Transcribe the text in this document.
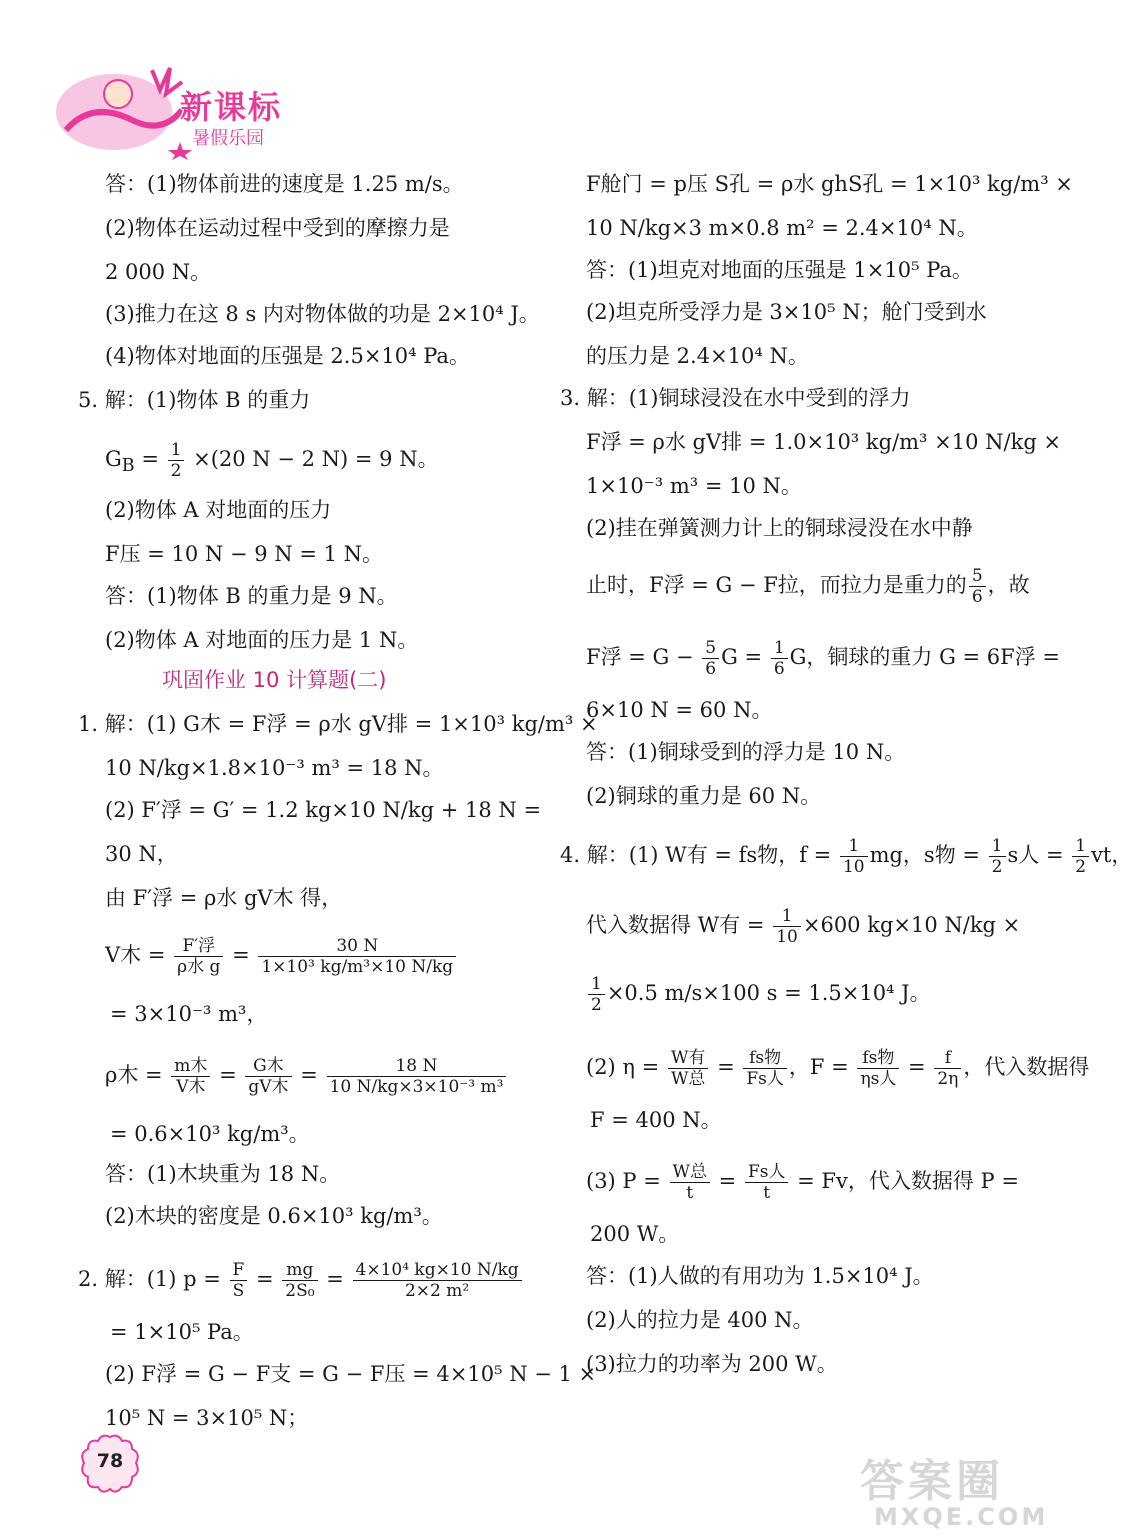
新课标
暑假乐园
答：(1)物体前进的速度是 1.25 m/s。
(2)物体在运动过程中受到的摩擦力是
2 000 N。
(3)推力在这 8 s 内对物体做的功是 2×10⁴ J。
(4)物体对地面的压强是 2.5×10⁴ Pa。
5. 解：(1)物体 B 的重力
$G_B = \frac{1}{2} \times(20$ N − 2 N) = 9 N。
(2)物体 A 对地面的压力
F压 = 10 N − 9 N = 1 N。
答：(1)物体 B 的重力是 9 N。
(2)物体 A 对地面的压力是 1 N。
巩固作业 10 计算题(二)
1. 解：(1) G木 = F浮 = ρ水 gV排 = 1×10³ kg/m³ ×
10 N/kg×1.8×10⁻³ m³ = 18 N。
(2) F′浮 = G′ = 1.2 kg×10 N/kg + 18 N =
30 N，
由 F′浮 = ρ水 gV木 得，
V木 = $\frac{\text{F′浮}}{\text{ρ水 g}} = \frac{30 N}{\text{1×10³ kg/m³×10 N/kg}}$
= 3×10⁻³ m³，
ρ木 = $\frac{\text{m木}}{\text{V木}} = \frac{\text{G木}}{\text{gV木}} = \frac{18 N}{\text{10 N/kg×3×10⁻³ m³}}$
= 0.6×10³ kg/m³。
答：(1)木块重为 18 N。
(2)木块的密度是 0.6×10³ kg/m³。
2. 解：(1) $p = \frac{F}{S} = \frac{mg}{\text{2S₀}} = \frac{\text{4×10⁴ kg×10 N/kg}}{\text{2×2 m²}}$
= 1×10⁵ Pa。
(2) F浮 = G − F支 = G − F压 = 4×10⁵ N − 1 ×
10⁵ N = 3×10⁵ N；
F舱门 = p压 S孔 = ρ水 ghS孔 = 1×10³ kg/m³ ×
10 N/kg×3 m×0.8 m² = 2.4×10⁴ N。
答：(1)坦克对地面的压强是 1×10⁵ Pa。
(2)坦克所受浮力是 3×10⁵ N；舱门受到水
的压力是 2.4×10⁴ N。
3. 解：(1)铜球浸没在水中受到的浮力
F浮 = ρ水 gV排 = 1.0×10³ kg/m³ ×10 N/kg ×
1×10⁻³ m³ = 10 N。
(2)挂在弹簧测力计上的铜球浸没在水中静
止时，F浮 = G − F拉，而拉力是重力的 $\frac{5}{6}$ ，故
F浮 = $G - \frac{5}{6}$ $G = \frac{1}{6}$ G，铜球的重力 G = 6F浮 =
6×10 N = 60 N。
答：(1)铜球受到的浮力是 10 N。
(2)铜球的重力是 60 N。
4. 解：(1) W有 = fs物，$f = \frac{1}{10}$ mg，s物 = $\frac{1}{2}$ s人 = $\frac{1}{2}$ vt，
代入数据得 W有 = $\frac{1}{10} \times 600$ kg×10 N/kg ×
$\frac{1}{2} \times 0.5$ m/s×100 s = 1.5×10⁴ J。
(2) $\eta = \frac{\text{W有}}{\text{W总}} = \frac{\text{fs物}}{\text{Fs人}}$ ，$F = \frac{\text{fs物}}{\text{ηs人}} = \frac{f}{2\eta}$ ，代入数据得
F = 400 N。
(3) $P = \frac{\text{W总}}{t} = \frac{\text{Fs人}}{t} = Fv$，代入数据得 P =
200 W。
答：(1)人做的有用功为 1.5×10⁴ J。
(2)人的拉力是 400 N。
(3)拉力的功率为 200 W。
78	答案圈
MXQE.COM
